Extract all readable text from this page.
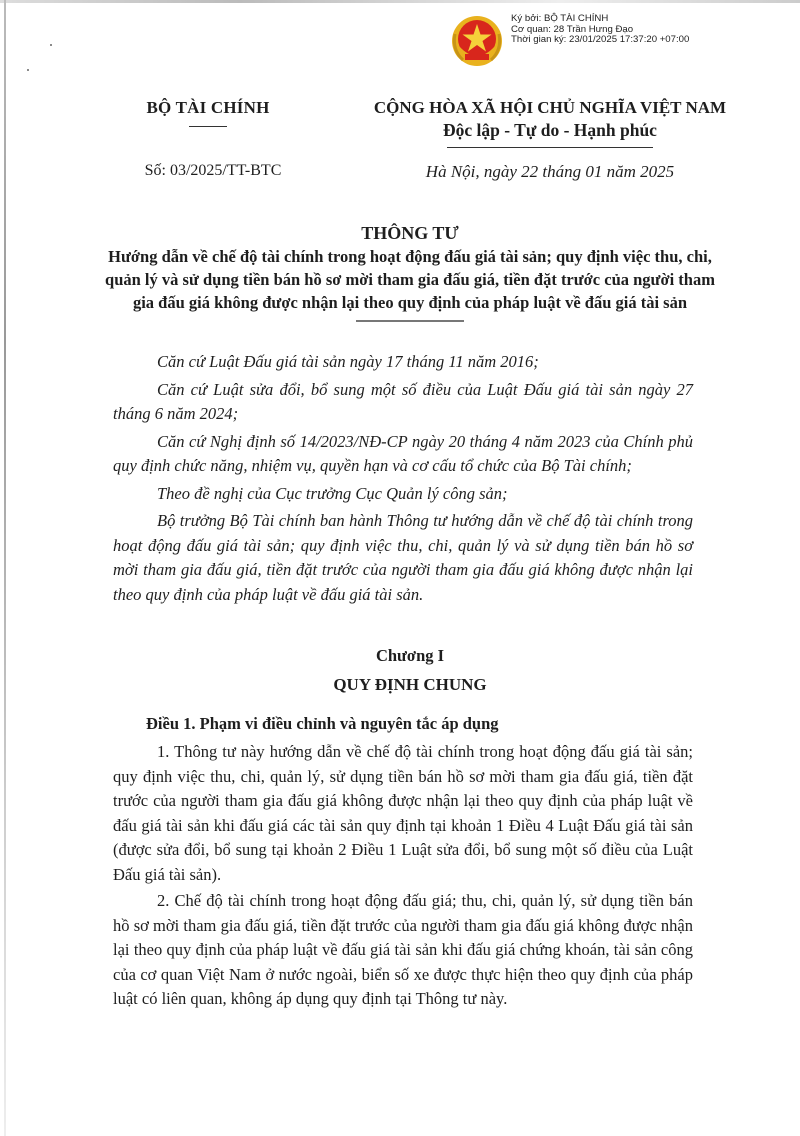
Ký bởi: BỘ TÀI CHÍNH
Cơ quan: 28 Trần Hưng Đạo
Thời gian ký: 23/01/2025 17:37:20 +07:00
BỘ TÀI CHÍNH
Số: 03/2025/TT-BTC
CỘNG HÒA XÃ HỘI CHỦ NGHĨA VIỆT NAM
Độc lập - Tự do - Hạnh phúc
Hà Nội, ngày 22 tháng 01 năm 2025
THÔNG TƯ
Hướng dẫn về chế độ tài chính trong hoạt động đấu giá tài sản; quy định việc thu, chi, quản lý và sử dụng tiền bán hồ sơ mời tham gia đấu giá, tiền đặt trước của người tham gia đấu giá không được nhận lại theo quy định của pháp luật về đấu giá tài sản

Căn cứ Luật Đấu giá tài sản ngày 17 tháng 11 năm 2016;

Căn cứ Luật sửa đổi, bổ sung một số điều của Luật Đấu giá tài sản ngày 27 tháng 6 năm 2024;

Căn cứ Nghị định số 14/2023/NĐ-CP ngày 20 tháng 4 năm 2023 của Chính phủ quy định chức năng, nhiệm vụ, quyền hạn và cơ cấu tổ chức của Bộ Tài chính;

Theo đề nghị của Cục trưởng Cục Quản lý công sản;

Bộ trưởng Bộ Tài chính ban hành Thông tư hướng dẫn về chế độ tài chính trong hoạt động đấu giá tài sản; quy định việc thu, chi, quản lý và sử dụng tiền bán hồ sơ mời tham gia đấu giá, tiền đặt trước của người tham gia đấu giá không được nhận lại theo quy định của pháp luật về đấu giá tài sản.

Chương I
QUY ĐỊNH CHUNG
Điều 1. Phạm vi điều chỉnh và nguyên tắc áp dụng

1. Thông tư này hướng dẫn về chế độ tài chính trong hoạt động đấu giá tài sản; quy định việc thu, chi, quản lý, sử dụng tiền bán hồ sơ mời tham gia đấu giá, tiền đặt trước của người tham gia đấu giá không được nhận lại theo quy định của pháp luật về đấu giá tài sản khi đấu giá các tài sản quy định tại khoản 1 Điều 4 Luật Đấu giá tài sản (được sửa đổi, bổ sung tại khoản 2 Điều 1 Luật sửa đổi, bổ sung một số điều của Luật Đấu giá tài sản).

2. Chế độ tài chính trong hoạt động đấu giá; thu, chi, quản lý, sử dụng tiền bán hồ sơ mời tham gia đấu giá, tiền đặt trước của người tham gia đấu giá không được nhận lại theo quy định của pháp luật về đấu giá tài sản khi đấu giá chứng khoán, tài sản công của cơ quan Việt Nam ở nước ngoài, biển số xe được thực hiện theo quy định của pháp luật có liên quan, không áp dụng quy định tại Thông tư này.
